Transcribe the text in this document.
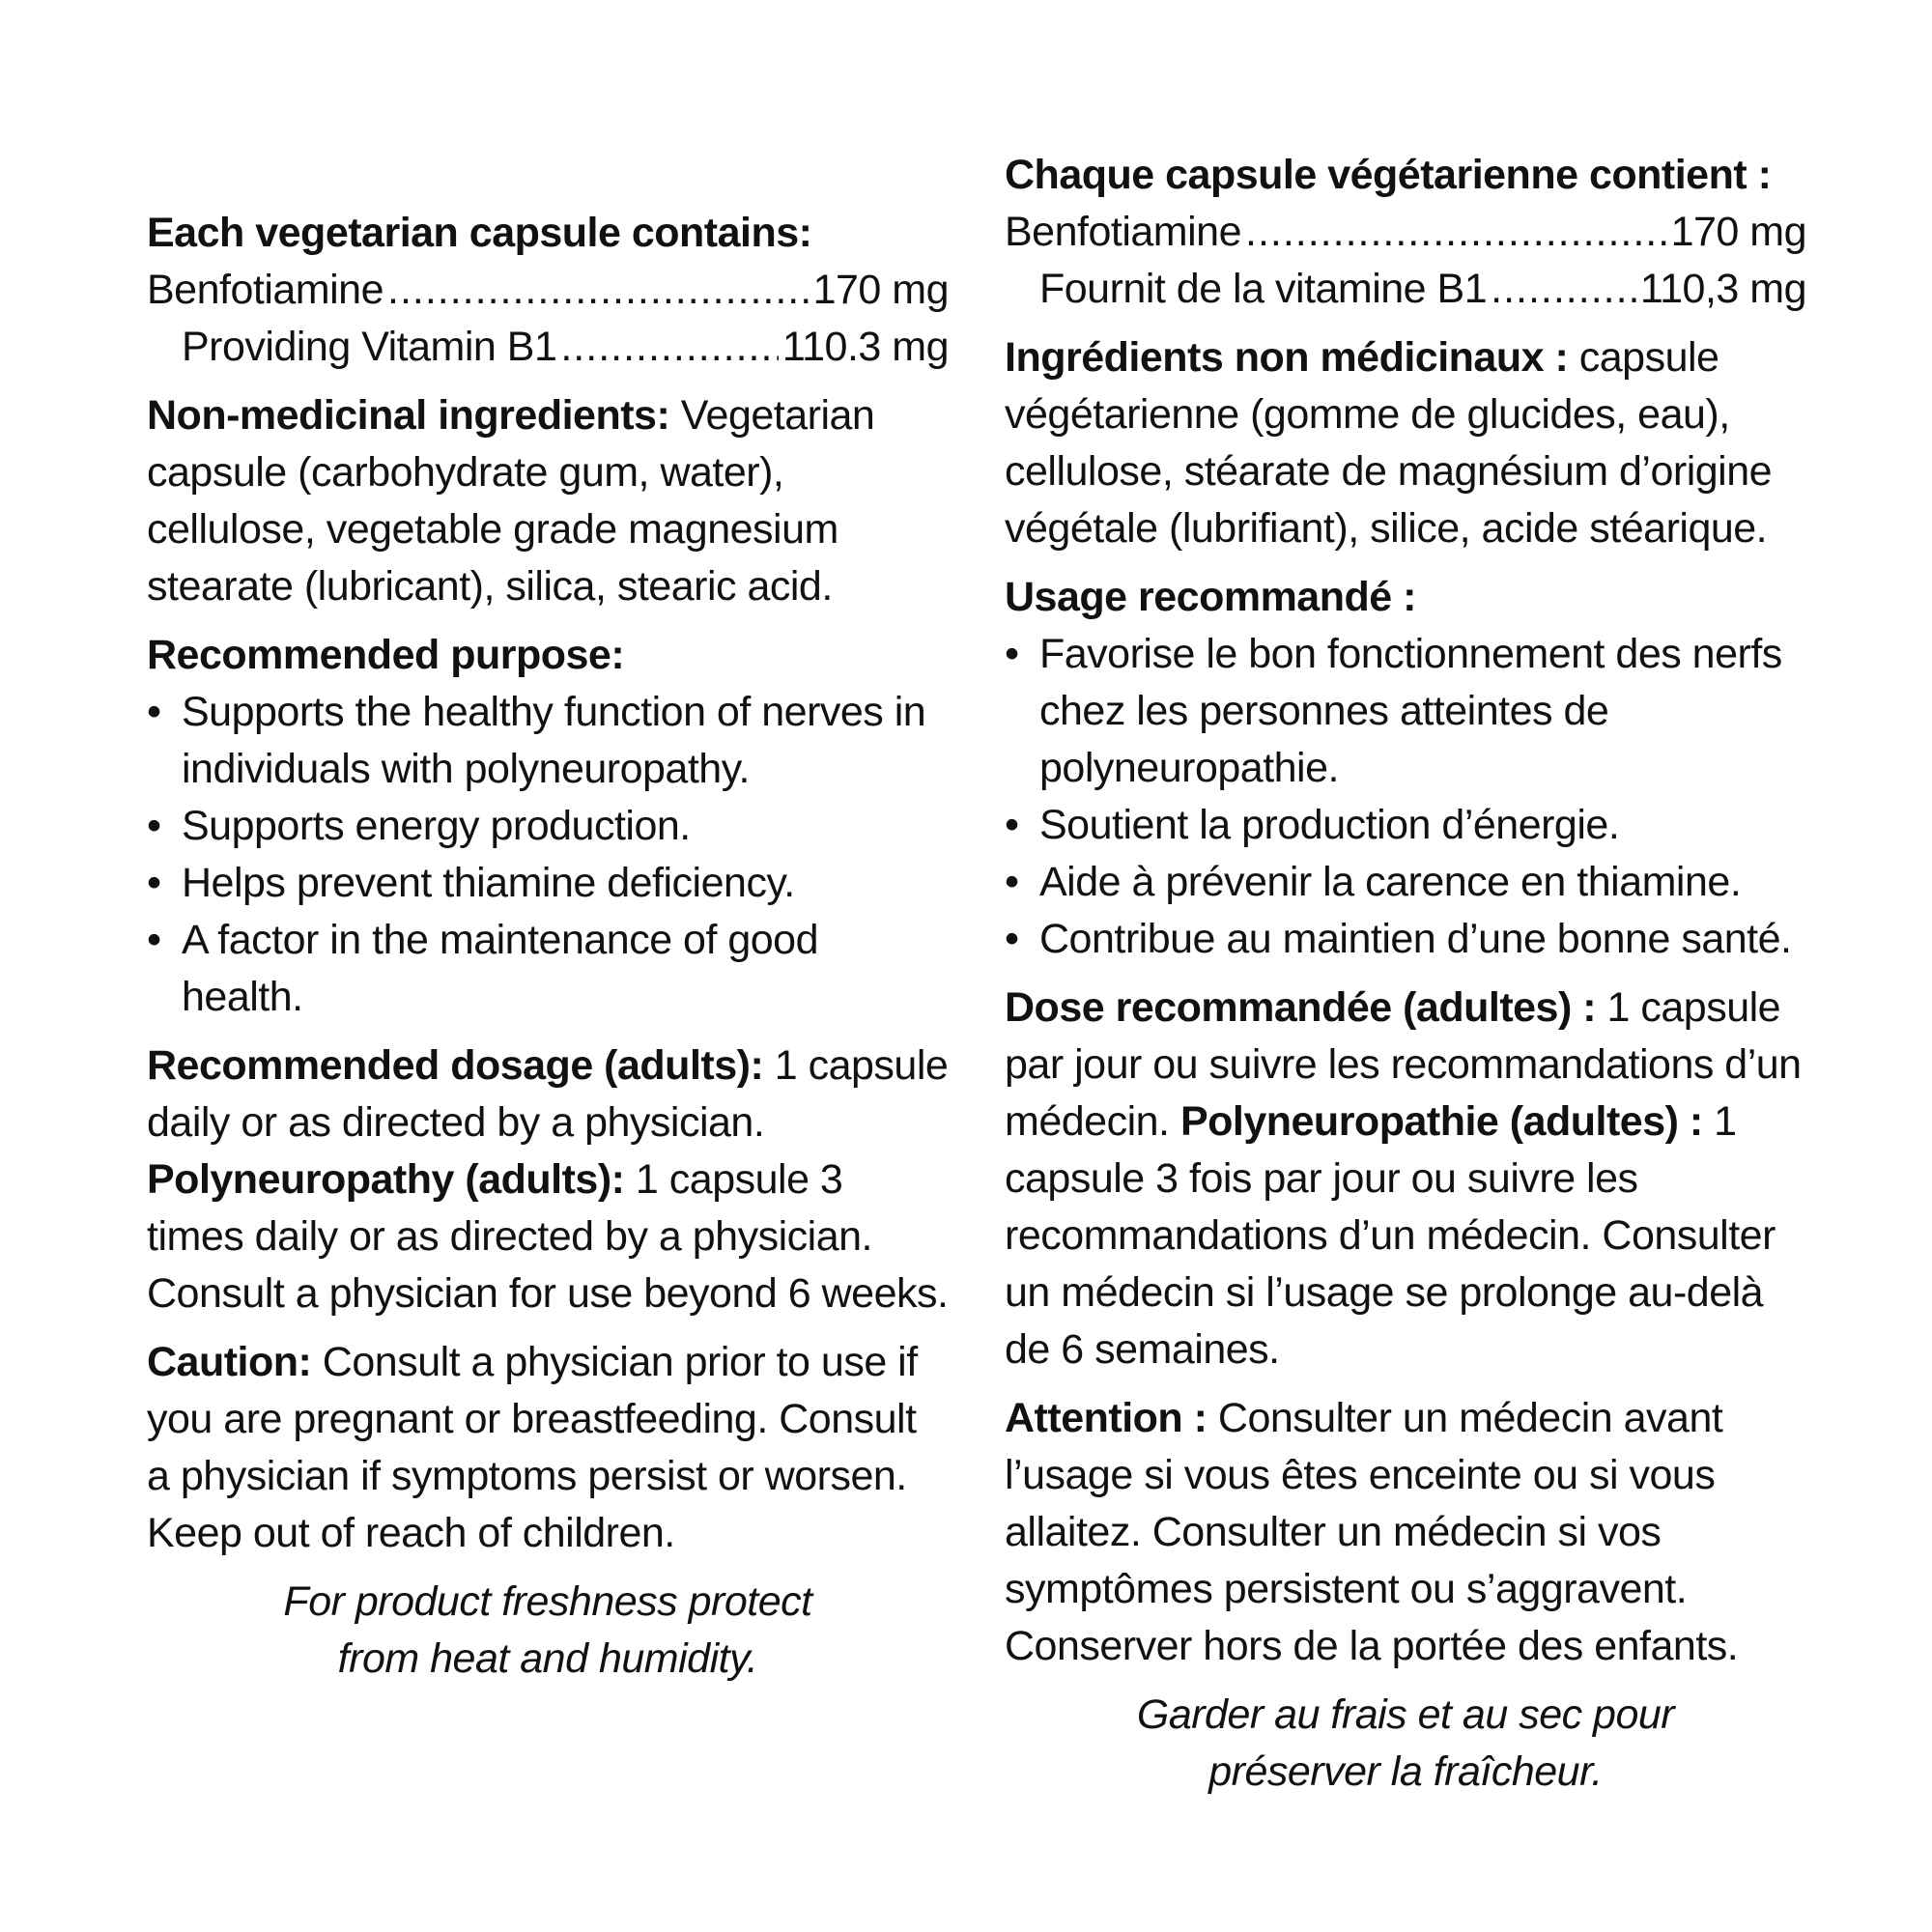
Each vegetarian capsule contains:

Benfotiamine .....	170 mg
Providing Vitamin B1 .....	110.3 mg

Non-medicinal ingredients: Vegetarian capsule (carbohydrate gum, water), cellulose, vegetable grade magnesium stearate (lubricant), silica, stearic acid.

Recommended purpose:

• Supports the healthy function of nerves in individuals with polyneuropathy.
• Supports energy production.
• Helps prevent thiamine deficiency.
• A factor in the maintenance of good health.

Recommended dosage (adults): 1 capsule daily or as directed by a physician.
Polyneuropathy (adults): 1 capsule 3 times daily or as directed by a physician. Consult a physician for use beyond 6 weeks.

Caution: Consult a physician prior to use if you are pregnant or breastfeeding. Consult a physician if symptoms persist or worsen. Keep out of reach of children.

For product freshness protect
from heat and humidity.

Chaque capsule végétarienne contient :

Benfotiamine .....	170 mg
Fournit de la vitamine B1 .....	110,3 mg

Ingrédients non médicinaux : capsule végétarienne (gomme de glucides, eau), cellulose, stéarate de magnésium d’origine végétale (lubrifiant), silice, acide stéarique.

Usage recommandé :

• Favorise le bon fonctionnement des nerfs chez les personnes atteintes de polyneuropathie.
• Soutient la production d’énergie.
• Aide à prévenir la carence en thiamine.
• Contribue au maintien d’une bonne santé.

Dose recommandée (adultes) : 1 capsule par jour ou suivre les recommandations d’un médecin. Polyneuropathie (adultes) : 1 capsule 3 fois par jour ou suivre les recommandations d’un médecin. Consulter un médecin si l’usage se prolonge au-delà de 6 semaines.

Attention : Consulter un médecin avant l’usage si vous êtes enceinte ou si vous allaitez. Consulter un médecin si vos symptômes persistent ou s’aggravent. Conserver hors de la portée des enfants.

Garder au frais et au sec pour
préserver la fraîcheur.
